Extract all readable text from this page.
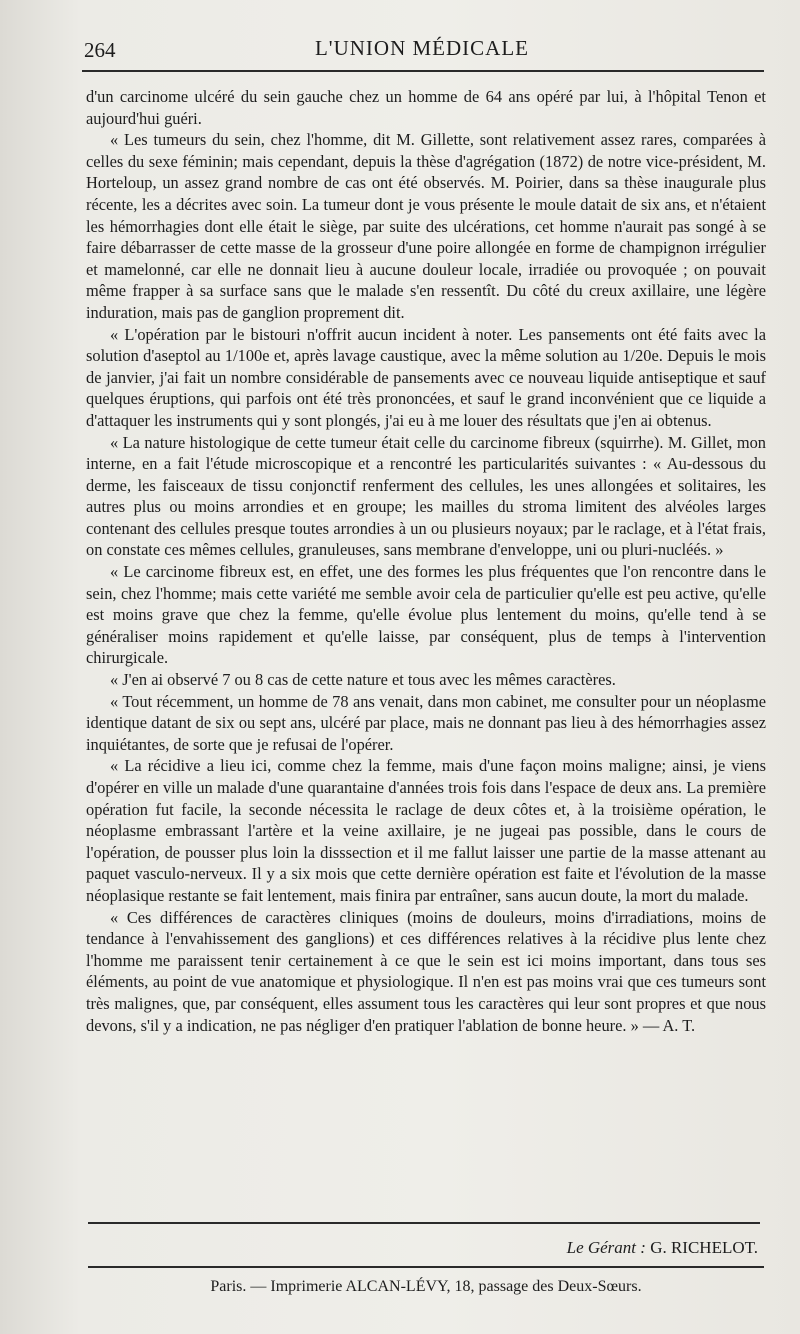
264	L'UNION MÉDICALE

d'un carcinome ulcéré du sein gauche chez un homme de 64 ans opéré par lui, à l'hôpital Tenon et aujourd'hui guéri.

« Les tumeurs du sein, chez l'homme, dit M. Gillette, sont relativement assez rares, comparées à celles du sexe féminin; mais cependant, depuis la thèse d'agrégation (1872) de notre vice-président, M. Horteloup, un assez grand nombre de cas ont été observés. M. Poirier, dans sa thèse inaugurale plus récente, les a décrites avec soin. La tumeur dont je vous présente le moule datait de six ans, et n'étaient les hémorrhagies dont elle était le siège, par suite des ulcérations, cet homme n'aurait pas songé à se faire débarrasser de cette masse de la grosseur d'une poire allongée en forme de champignon irrégulier et mamelonné, car elle ne donnait lieu à aucune douleur locale, irradiée ou provoquée ; on pouvait même frapper à sa surface sans que le malade s'en ressentît. Du côté du creux axillaire, une légère induration, mais pas de ganglion proprement dit.

« L'opération par le bistouri n'offrit aucun incident à noter. Les pansements ont été faits avec la solution d'aseptol au 1/100e et, après lavage caustique, avec la même solution au 1/20e. Depuis le mois de janvier, j'ai fait un nombre considérable de pansements avec ce nouveau liquide antiseptique et sauf quelques éruptions, qui parfois ont été très prononcées, et sauf le grand inconvénient que ce liquide a d'attaquer les instruments qui y sont plongés, j'ai eu à me louer des résultats que j'en ai obtenus.

« La nature histologique de cette tumeur était celle du carcinome fibreux (squirrhe). M. Gillet, mon interne, en a fait l'étude microscopique et a rencontré les particularités suivantes : « Au-dessous du derme, les faisceaux de tissu conjonctif renferment des cellules, les unes allongées et solitaires, les autres plus ou moins arrondies et en groupe; les mailles du stroma limitent des alvéoles larges contenant des cellules presque toutes arrondies à un ou plusieurs noyaux; par le raclage, et à l'état frais, on constate ces mêmes cellules, granuleuses, sans membrane d'enveloppe, uni ou pluri-nucléés. »

« Le carcinome fibreux est, en effet, une des formes les plus fréquentes que l'on rencontre dans le sein, chez l'homme; mais cette variété me semble avoir cela de particulier qu'elle est peu active, qu'elle est moins grave que chez la femme, qu'elle évolue plus lentement du moins, qu'elle tend à se généraliser moins rapidement et qu'elle laisse, par conséquent, plus de temps à l'intervention chirurgicale.

« J'en ai observé 7 ou 8 cas de cette nature et tous avec les mêmes caractères.

« Tout récemment, un homme de 78 ans venait, dans mon cabinet, me consulter pour un néoplasme identique datant de six ou sept ans, ulcéré par place, mais ne donnant pas lieu à des hémorrhagies assez inquiétantes, de sorte que je refusai de l'opérer.

« La récidive a lieu ici, comme chez la femme, mais d'une façon moins maligne; ainsi, je viens d'opérer en ville un malade d'une quarantaine d'années trois fois dans l'espace de deux ans. La première opération fut facile, la seconde nécessita le raclage de deux côtes et, à la troisième opération, le néoplasme embrassant l'artère et la veine axillaire, je ne jugeai pas possible, dans le cours de l'opération, de pousser plus loin la disssection et il me fallut laisser une partie de la masse attenant au paquet vasculo-nerveux. Il y a six mois que cette dernière opération est faite et l'évolution de la masse néoplasique restante se fait lentement, mais finira par entraîner, sans aucun doute, la mort du malade.

« Ces différences de caractères cliniques (moins de douleurs, moins d'irradiations, moins de tendance à l'envahissement des ganglions) et ces différences relatives à la récidive plus lente chez l'homme me paraissent tenir certainement à ce que le sein est ici moins important, dans tous ses éléments, au point de vue anatomique et physiologique. Il n'en est pas moins vrai que ces tumeurs sont très malignes, que, par conséquent, elles assument tous les caractères qui leur sont propres et que nous devons, s'il y a indication, ne pas négliger d'en pratiquer l'ablation de bonne heure. » — A. T.

Le Gérant : G. RICHELOT.
Paris. — Imprimerie ALCAN-LÉVY, 18, passage des Deux-Sœurs.
